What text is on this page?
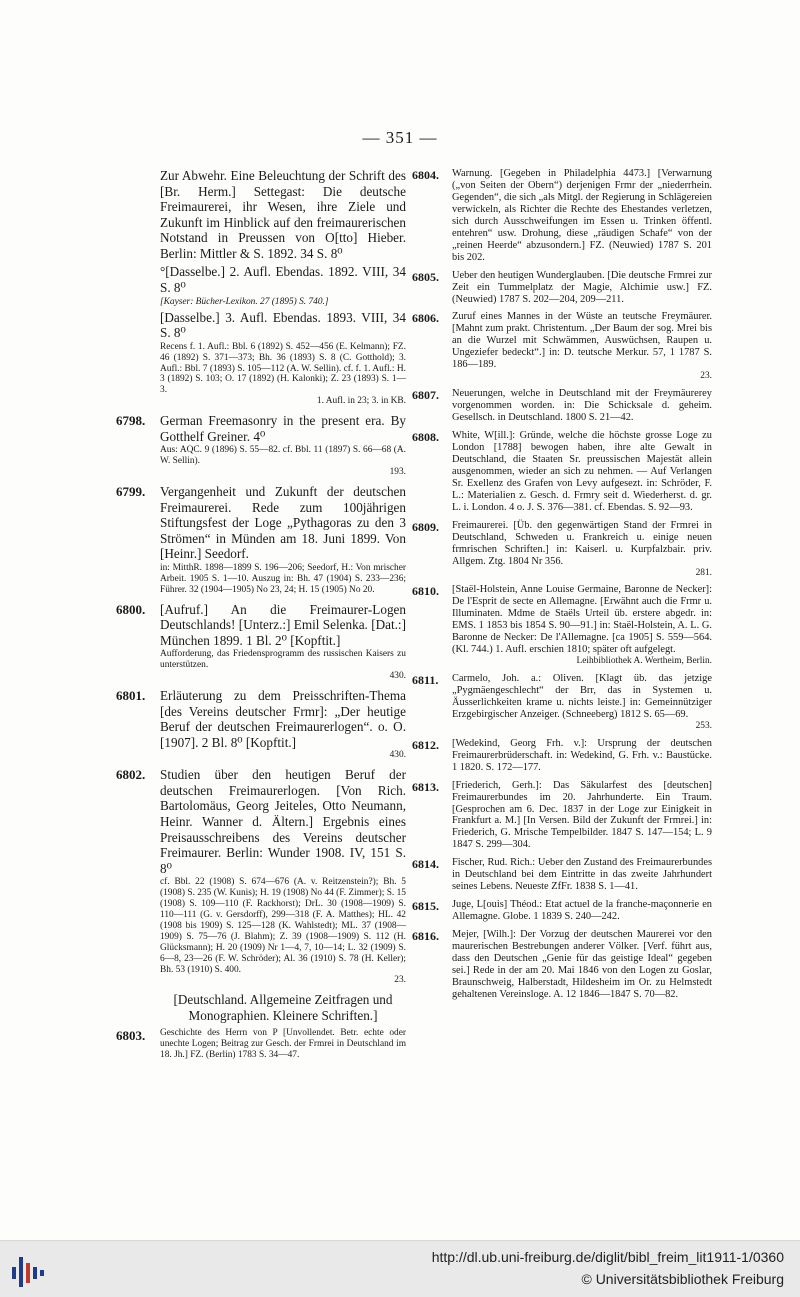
— 351 —
Zur Abwehr. Eine Beleuchtung der Schrift des [Br. Herm.] Settegast: Die deutsche Freimaurerei, ihr Wesen, ihre Ziele und Zukunft im Hinblick auf den freimaurerischen Notstand in Preussen von O[tto] Hieber. Berlin: Mittler & S. 1892. 34 S. 8⁰
°[Dasselbe.] 2. Aufl. Ebendas. 1892. VIII, 34 S. 8⁰
[Kayser: Bücher-Lexikon. 27 (1895) S. 740.]
[Dasselbe.] 3. Aufl. Ebendas. 1893. VIII, 34 S. 8⁰
Recens f. 1. Aufl.: Bbl. 6 (1892) S. 452—456 (E. Kelmann); FZ. 46 (1892) S. 371—373; Bh. 36 (1893) S. 8 (C. Gotthold); 3. Aufl.: Bbl. 7 (1893) S. 105—112 (A. W. Sellin). cf. f. 1. Aufl.: H. 3 (1892) S. 103; O. 17 (1892) (H. Kalonki); Z. 23 (1893) S. 1—3.
1. Aufl. in 23; 3. in KB.
6798. German Freemasonry in the present era. By Gotthelf Greiner. 4⁰
Aus: AQC. 9 (1896) S. 55—82. cf. Bbl. 11 (1897) S. 66—68 (A. W. Sellin).
193.
6799. Vergangenheit und Zukunft der deutschen Freimaurerei. Rede zum 100jährigen Stiftungsfest der Loge „Pythagoras zu den 3 Strömen“ in Münden am 18. Juni 1899. Von [Heinr.] Seedorf.
in: MitthR. 1898—1899 S. 196—206; Seedorf, H.: Von mrischer Arbeit. 1905 S. 1—10. Auszug in: Bh. 47 (1904) S. 233—236; Führer. 32 (1904—1905) No 23, 24; H. 15 (1905) No 20.
6800. [Aufruf.] An die Freimaurer-Logen Deutschlands! [Unterz.:] Emil Selenka. [Dat.:] München 1899. 1 Bl. 2⁰ [Kopftit.]
Aufforderung, das Friedensprogramm des russischen Kaisers zu unterstützen.
430.
6801. Erläuterung zu dem Preisschriften-Thema [des Vereins deutscher Frmr]: „Der heutige Beruf der deutschen Freimaurerlogen“. o. O. [1907]. 2 Bl. 8⁰ [Kopftit.]
430.
6802. Studien über den heutigen Beruf der deutschen Freimaurerlogen. [Von Rich. Bartolomäus, Georg Jeiteles, Otto Neumann, Heinr. Wanner d. Ältern.] Ergebnis eines Preisausschreibens des Vereins deutscher Freimaurer. Berlin: Wunder 1908. IV, 151 S. 8⁰
cf. Bbl. 22 (1908) S. 674—676 (A. v. Reitzenstein?); Bh. 5 (1908) S. 235 (W. Kunis); H. 19 (1908) No 44 (F. Zimmer); S. 15 (1908) S. 109—110 (F. Rackhorst); DrL. 30 (1908—1909) S. 110—111 (G. v. Gersdorff), 299—318 (F. A. Matthes); HL. 42 (1908 bis 1909) S. 125—128 (K. Wahlstedt); ML. 37 (1908—1909) S. 75—76 (J. Blahm); Z. 39 (1908—1909) S. 112 (H. Glücksmann); H. 20 (1909) Nr 1—4, 7, 10—14; L. 32 (1909) S. 6—8, 23—26 (F. W. Schröder); Al. 36 (1910) S. 78 (H. Keller); Bh. 53 (1910) S. 400.
23.
[Deutschland. Allgemeine Zeitfragen und Monographien. Kleinere Schriften.]
6803. Geschichte des Herrn von P [Unvollendet. Betr. echte oder unechte Logen; Beitrag zur Gesch. der Frmrei in Deutschland im 18. Jh.] FZ. (Berlin) 1783 S. 34—47.
6804. Warnung. [Gegeben in Philadelphia 4473.] [Verwarnung („von Seiten der Obern“) derjenigen Frmr der „niederrhein. Gegenden“, die sich „als Mitgl. der Regierung in Schlägereien verwickeln, als Richter die Rechte des Ehestandes verletzen, sich durch Ausschweifungen im Essen u. Trinken öffentl. entehren“ usw. Drohung, diese „räudigen Schafe“ von der „reinen Heerde“ abzusondern.] FZ. (Neuwied) 1787 S. 201 bis 202.
6805. Ueber den heutigen Wunderglauben. [Die deutsche Frmrei zur Zeit ein Tummelplatz der Magie, Alchimie usw.] FZ. (Neuwied) 1787 S. 202—204, 209—211.
6806. Zuruf eines Mannes in der Wüste an teutsche Freymäurer. [Mahnt zum prakt. Christentum. „Der Baum der sog. Mrei bis an die Wurzel mit Schwämmen, Auswüchsen, Raupen u. Ungeziefer bedeckt“.] in: D. teutsche Merkur. 57, 1 1787 S. 186—189.
23.
6807. Neuerungen, welche in Deutschland mit der Freymäurerey vorgenommen worden. in: Die Schicksale d. geheim. Gesellsch. in Deutschland. 1800 S. 21—42.
6808. White, W[ill.]: Gründe, welche die höchste grosse Loge zu London [1788] bewogen haben, ihre alte Gewalt in Deutschland, die Staaten Sr. preussischen Majestät allein ausgenommen, wieder an sich zu nehmen. — Auf Verlangen Sr. Exellenz des Grafen von Levy aufgesezt. in: Schröder, F. L.: Materialien z. Gesch. d. Frmry seit d. Wiederherst. d. gr. L. i. London. 4 o. J. S. 376—381. cf. Ebendas. S. 92—93.
6809. Freimaurerei. [Üb. den gegenwärtigen Stand der Frmrei in Deutschland, Schweden u. Frankreich u. einige neuen frmrischen Schriften.] in: Kaiserl. u. Kurpfalzbair. priv. Allgem. Ztg. 1804 Nr 356.
281.
6810. [Staël-Holstein, Anne Louise Germaine, Baronne de Necker]: De l'Esprit de secte en Allemagne. [Erwähnt auch die Frmr u. Illuminaten. Mdme de Staëls Urteil üb. erstere abgedr. in: EMS. 1 1853 bis 1854 S. 90—91.] in: Staël-Holstein, A. L. G. Baronne de Necker: De l'Allemagne. [ca 1905] S. 559—564. (Kl. 744.) 1. Aufl. erschien 1810; später oft aufgelegt.
Leihbibliothek A. Wertheim, Berlin.
6811. Carmelo, Joh. a.: Oliven. [Klagt üb. das jetzige „Pygmäengeschlecht“ der Brr, das in Systemen u. Äusserlichkeiten krame u. nichts leiste.] in: Gemeinnütziger Erzgebirgischer Anzeiger. (Schneeberg) 1812 S. 65—69.
253.
6812. [Wedekind, Georg Frh. v.]: Ursprung der deutschen Freimaurerbrüderschaft. in: Wedekind, G. Frh. v.: Baustücke. 1 1820. S. 172—177.
6813. [Friederich, Gerh.]: Das Säkularfest des [deutschen] Freimaurerbundes im 20. Jahrhunderte. Ein Traum. [Gesprochen am 6. Dec. 1837 in der Loge zur Einigkeit in Frankfurt a. M.] [In Versen. Bild der Zukunft der Frmrei.] in: Friederich, G. Mrische Tempelbilder. 1847 S. 147—154; L. 9 1847 S. 299—304.
6814. Fischer, Rud. Rich.: Ueber den Zustand des Freimaurerbundes in Deutschland bei dem Eintritte in das zweite Jahrhundert seines Lebens. Neueste ZfFr. 1838 S. 1—41.
6815. Juge, L[ouis] Théod.: Etat actuel de la franche-maçonnerie en Allemagne. Globe. 1 1839 S. 240—242.
6816. Mejer, [Wilh.]: Der Vorzug der deutschen Maurerei vor den maurerischen Bestrebungen anderer Völker. [Verf. führt aus, dass den Deutschen „Genie für das geistige Ideal“ gegeben sei.] Rede in der am 20. Mai 1846 von den Logen zu Goslar, Braunschweig, Halberstadt, Hildesheim im Or. zu Helmstedt gehaltenen Vereinsloge. A. 12 1846—1847 S. 70—82.
http://dl.ub.uni-freiburg.de/diglit/bibl_freim_lit1911-1/0360
© Universitätsbibliothek Freiburg
